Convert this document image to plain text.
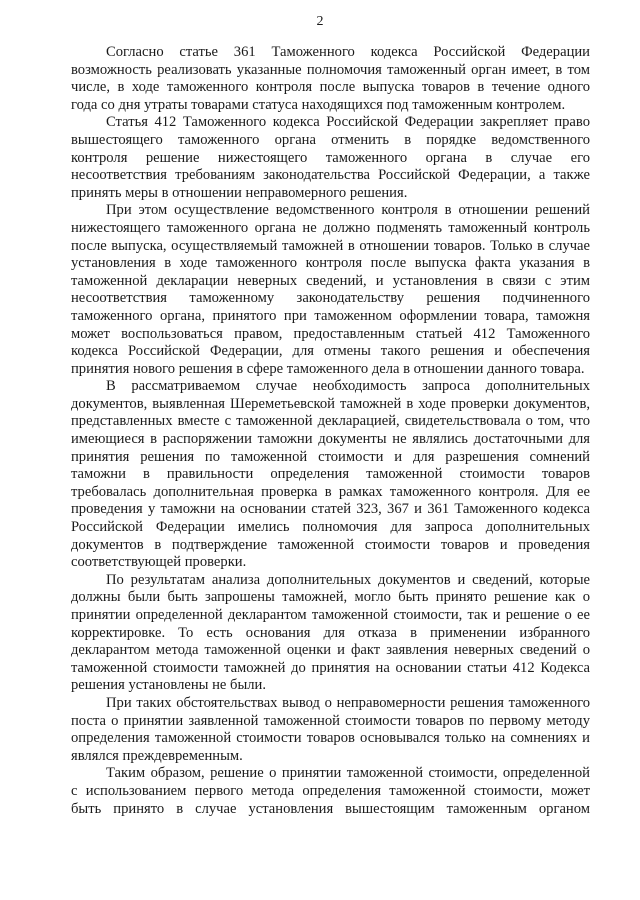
2
Согласно статье 361 Таможенного кодекса Российской Федерации
возможность реализовать указанные полномочия таможенный орган имеет, в том
числе, в ходе таможенного контроля после выпуска товаров в течение одного
года со дня утраты товарами статуса находящихся под таможенным контролем.
Статья 412 Таможенного кодекса Российской Федерации закрепляет право
вышестоящего таможенного органа отменить в порядке ведомственного
контроля решение нижестоящего таможенного органа в случае его
несоответствия требованиям законодательства Российской Федерации, а также
принять меры в отношении неправомерного решения.
При этом осуществление ведомственного контроля в отношении решений
нижестоящего таможенного органа не должно подменять таможенный контроль
после выпуска, осуществляемый таможней в отношении товаров. Только в случае
установления в ходе таможенного контроля после выпуска факта указания в
таможенной декларации неверных сведений, и установления в связи с этим
несоответствия таможенному законодательству решения подчиненного
таможенного органа, принятого при таможенном оформлении товара, таможня
может воспользоваться правом, предоставленным статьей 412 Таможенного
кодекса Российской Федерации, для отмены такого решения и обеспечения
принятия нового решения в сфере таможенного дела в отношении данного товара.
В рассматриваемом случае необходимость запроса дополнительных
документов, выявленная Шереметьевской таможней в ходе проверки документов,
представленных вместе с таможенной декларацией, свидетельствовала о том, что
имеющиеся в распоряжении таможни документы не являлись достаточными для
принятия решения по таможенной стоимости и для разрешения сомнений
таможни в правильности определения таможенной стоимости товаров
требовалась дополнительная проверка в рамках таможенного контроля. Для ее
проведения у таможни на основании статей 323, 367 и 361 Таможенного кодекса
Российской Федерации имелись полномочия для запроса дополнительных
документов в подтверждение таможенной стоимости товаров и проведения
соответствующей проверки.
По результатам анализа дополнительных документов и сведений, которые
должны были быть запрошены таможней, могло быть принято решение как о
принятии определенной декларантом таможенной стоимости, так и решение о ее
корректировке. То есть основания для отказа в применении избранного
декларантом метода таможенной оценки и факт заявления неверных сведений о
таможенной стоимости таможней до принятия на основании статьи 412 Кодекса
решения установлены не были.
При таких обстоятельствах вывод о неправомерности решения таможенного
поста о принятии заявленной таможенной стоимости товаров по первому методу
определения таможенной стоимости товаров основывался только на сомнениях и
являлся преждевременным.
Таким образом, решение о принятии таможенной стоимости, определенной
с использованием первого метода определения таможенной стоимости, может
быть принято в случае установления вышестоящим таможенным органом
